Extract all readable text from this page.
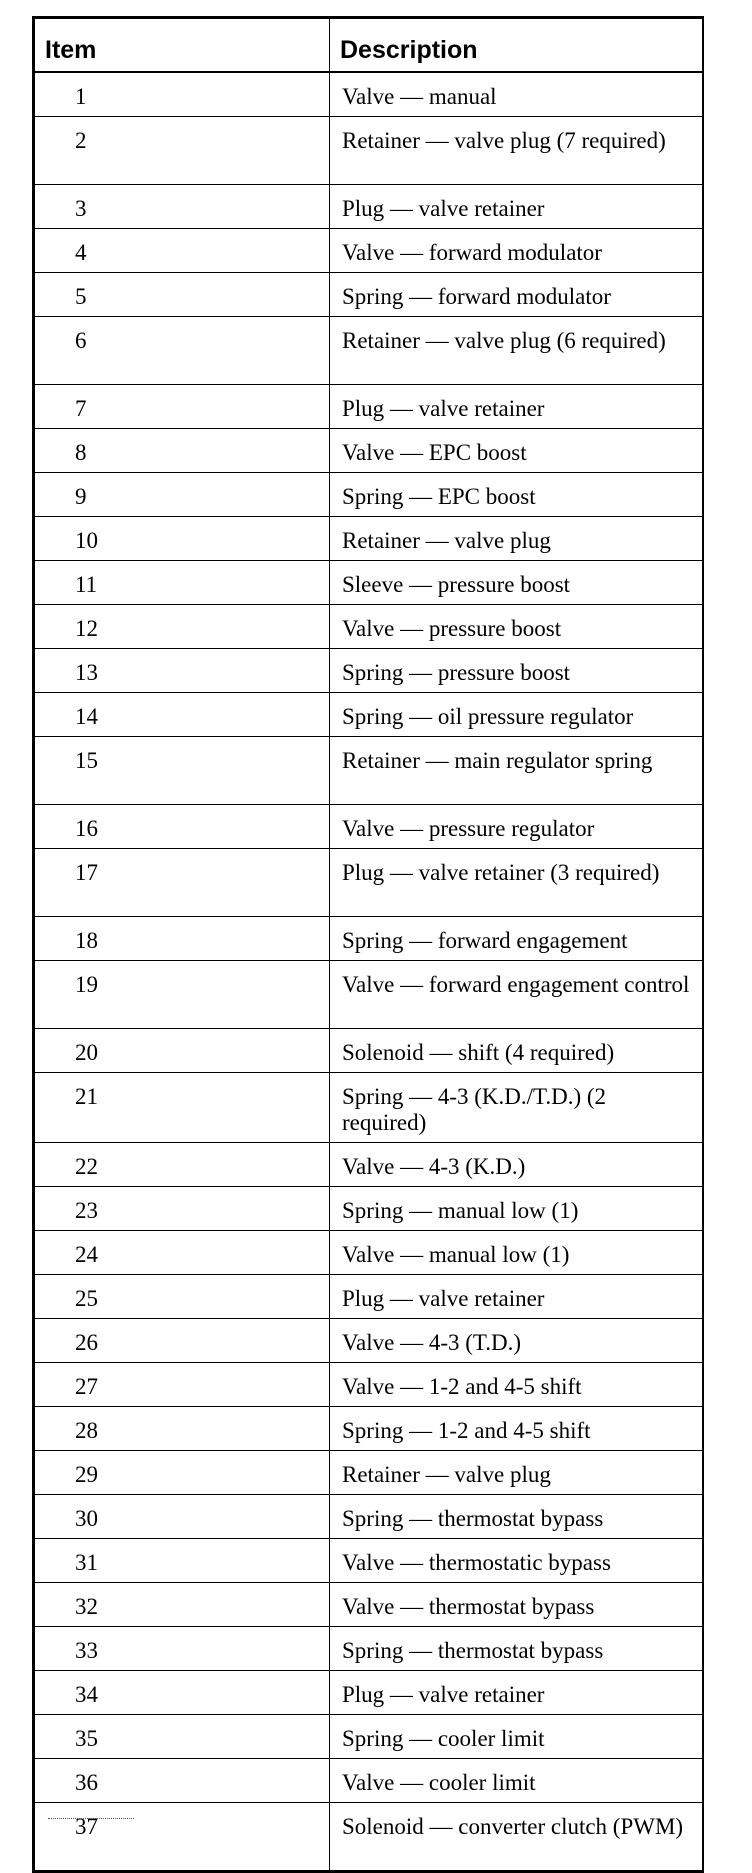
Item	Description
1	Valve — manual
2	Retainer — valve plug (7 required)
3	Plug — valve retainer
4	Valve — forward modulator
5	Spring — forward modulator
6	Retainer — valve plug (6 required)
7	Plug — valve retainer
8	Valve — EPC boost
9	Spring — EPC boost
10	Retainer — valve plug
11	Sleeve — pressure boost
12	Valve — pressure boost
13	Spring — pressure boost
14	Spring — oil pressure regulator
15	Retainer — main regulator spring
16	Valve — pressure regulator
17	Plug — valve retainer (3 required)
18	Spring — forward engagement
19	Valve — forward engagement control
20	Solenoid — shift (4 required)
21	Spring — 4-3 (K.D./T.D.) (2 required)
22	Valve — 4-3 (K.D.)
23	Spring — manual low (1)
24	Valve — manual low (1)
25	Plug — valve retainer
26	Valve — 4-3 (T.D.)
27	Valve — 1-2 and 4-5 shift
28	Spring — 1-2 and 4-5 shift
29	Retainer — valve plug
30	Spring — thermostat bypass
31	Valve — thermostatic bypass
32	Valve — thermostat bypass
33	Spring — thermostat bypass
34	Plug — valve retainer
35	Spring — cooler limit
36	Valve — cooler limit
37	Solenoid — converter clutch (PWM)
